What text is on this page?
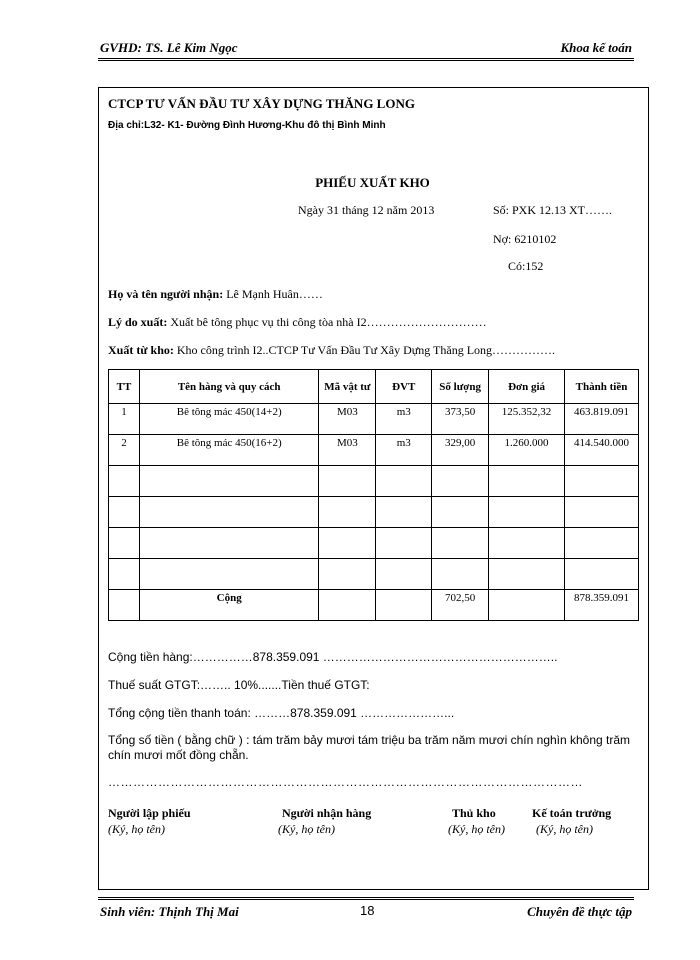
GVHD: TS. Lê Kim Ngọc	Khoa kế toán
CTCP TƯ VẤN ĐẦU TƯ XÂY DỰNG THĂNG LONG
Địa chỉ:L32- K1- Đường Đình Hương-Khu đô thị Bình Minh
PHIẾU XUẤT KHO
Ngày 31 tháng 12 năm 2013	Số: PXK 12.13 XT…….
Nợ: 6210102
Có:152
Họ và tên người nhận: Lê Mạnh Huân……
Lý do xuất: Xuất bê tông phục vụ thi công tòa nhà I2…………………………
Xuất từ kho: Kho công trình I2..CTCP Tư Vấn Đầu Tư Xây Dựng Thăng Long…………….
TT	Tên hàng và quy cách	Mã vật tư	ĐVT	Số lượng	Đơn giá	Thành tiền
1	Bê tông mác 450(14+2)	M03	m3	373,50	125.352,32	463.819.091
2	Bê tông mác 450(16+2)	M03	m3	329,00	1.260.000	414.540.000

	Cộng			702,50		878.359.091
Cộng tiền hàng:……………878.359.091 …………………………………………………..
Thuế suất GTGT:…….. 10%.......Tiền thuế GTGT:
Tổng cộng tiền thanh toán: ………878.359.091 …………………...
Tổng số tiền ( bằng chữ ) : tám trăm bảy mươi tám triệu ba trăm năm mươi chín nghìn không trăm
chín mươi mốt đồng chẵn.
……………………………………………………………………………………………………
Người lập phiếu
(Ký, họ tên)
Người nhận hàng
(Ký, họ tên)
Thủ kho
(Ký, họ tên)
Kế toán trưởng
(Ký, họ tên)
Sinh viên: Thịnh Thị Mai	18	Chuyên đề thực tập
